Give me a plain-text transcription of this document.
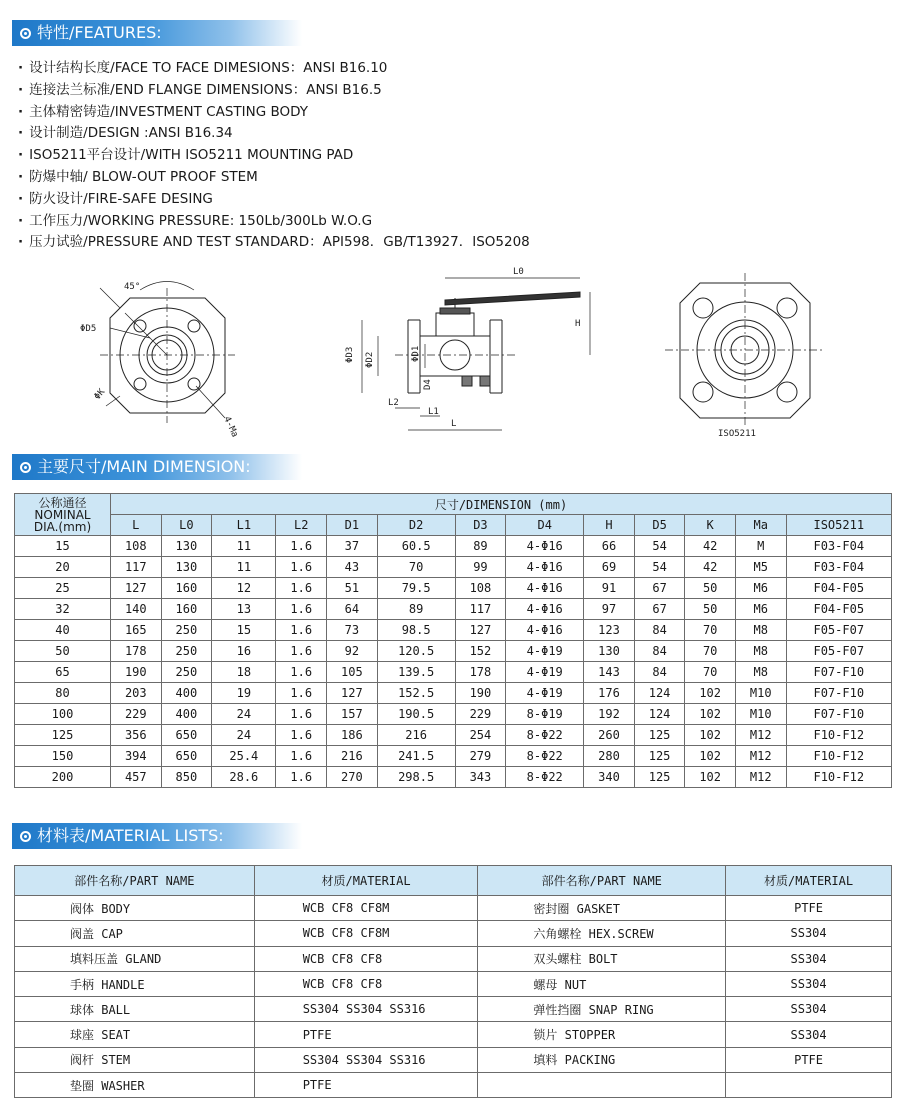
特性/FEATURES:
· 设计结构长度/FACE TO FACE DIMESIONS：ANSI B16.10
· 连接法兰标准/END FLANGE DIMENSIONS：ANSI B16.5
· 主体精密铸造/INVESTMENT CASTING BODY
· 设计制造/DESIGN :ANSI B16.34
· ISO5211平台设计/WITH ISO5211 MOUNTING PAD
· 防爆中轴/ BLOW-OUT PROOF STEM
· 防火设计/FIRE-SAFE DESING
· 工作压力/WORKING PRESSURE: 150Lb/300Lb W.O.G
· 压力试验/PRESSURE AND TEST STANDARD：API598．GB/T13927．ISO5208
45°
ΦD5
ΦK
4-Ma
L0
H
ΦD3 ΦD2	ΦD1
D4
L2
L1
L
ISO5211
主要尺寸/MAIN DIMENSION:
公称通径
NOMINAL
DIA.(mm)	尺寸/DIMENSION (mm)												
	L	L0	L1	L2	D1	D2	D3	D4	H	D5	K	Ma	ISO5211
15	108	130	11	1.6	37	60.5	89	4-Φ16	66	54	42	M	F03-F04
20	117	130	11	1.6	43	70	99	4-Φ16	69	54	42	M5	F03-F04
25	127	160	12	1.6	51	79.5	108	4-Φ16	91	67	50	M6	F04-F05
32	140	160	13	1.6	64	89	117	4-Φ16	97	67	50	M6	F04-F05
40	165	250	15	1.6	73	98.5	127	4-Φ16	123	84	70	M8	F05-F07
50	178	250	16	1.6	92	120.5	152	4-Φ19	130	84	70	M8	F05-F07
65	190	250	18	1.6	105	139.5	178	4-Φ19	143	84	70	M8	F07-F10
80	203	400	19	1.6	127	152.5	190	4-Φ19	176	124	102	M10	F07-F10
100	229	400	24	1.6	157	190.5	229	8-Φ19	192	124	102	M10	F07-F10
125	356	650	24	1.6	186	216	254	8-Φ22	260	125	102	M12	F10-F12
150	394	650	25.4	1.6	216	241.5	279	8-Φ22	280	125	102	M12	F10-F12
200	457	850	28.6	1.6	270	298.5	343	8-Φ22	340	125	102	M12	F10-F12
材料表/MATERIAL LISTS:
部件名称/PART NAME	材质/MATERIAL	部件名称/PART NAME	材质/MATERIAL
阀体 BODY	WCB CF8 CF8M	密封圈 GASKET	PTFE
阀盖 CAP	WCB CF8 CF8M	六角螺栓 HEX.SCREW	SS304
填料压盖 GLAND	WCB CF8 CF8	双头螺柱 BOLT	SS304
手柄 HANDLE	WCB CF8 CF8	螺母 NUT	SS304
球体 BALL	SS304 SS304 SS316	弹性挡圈 SNAP RING	SS304
球座 SEAT	PTFE	锁片 STOPPER	SS304
阀杆 STEM	SS304 SS304 SS316	填料 PACKING	PTFE
垫圈 WASHER	PTFE		
